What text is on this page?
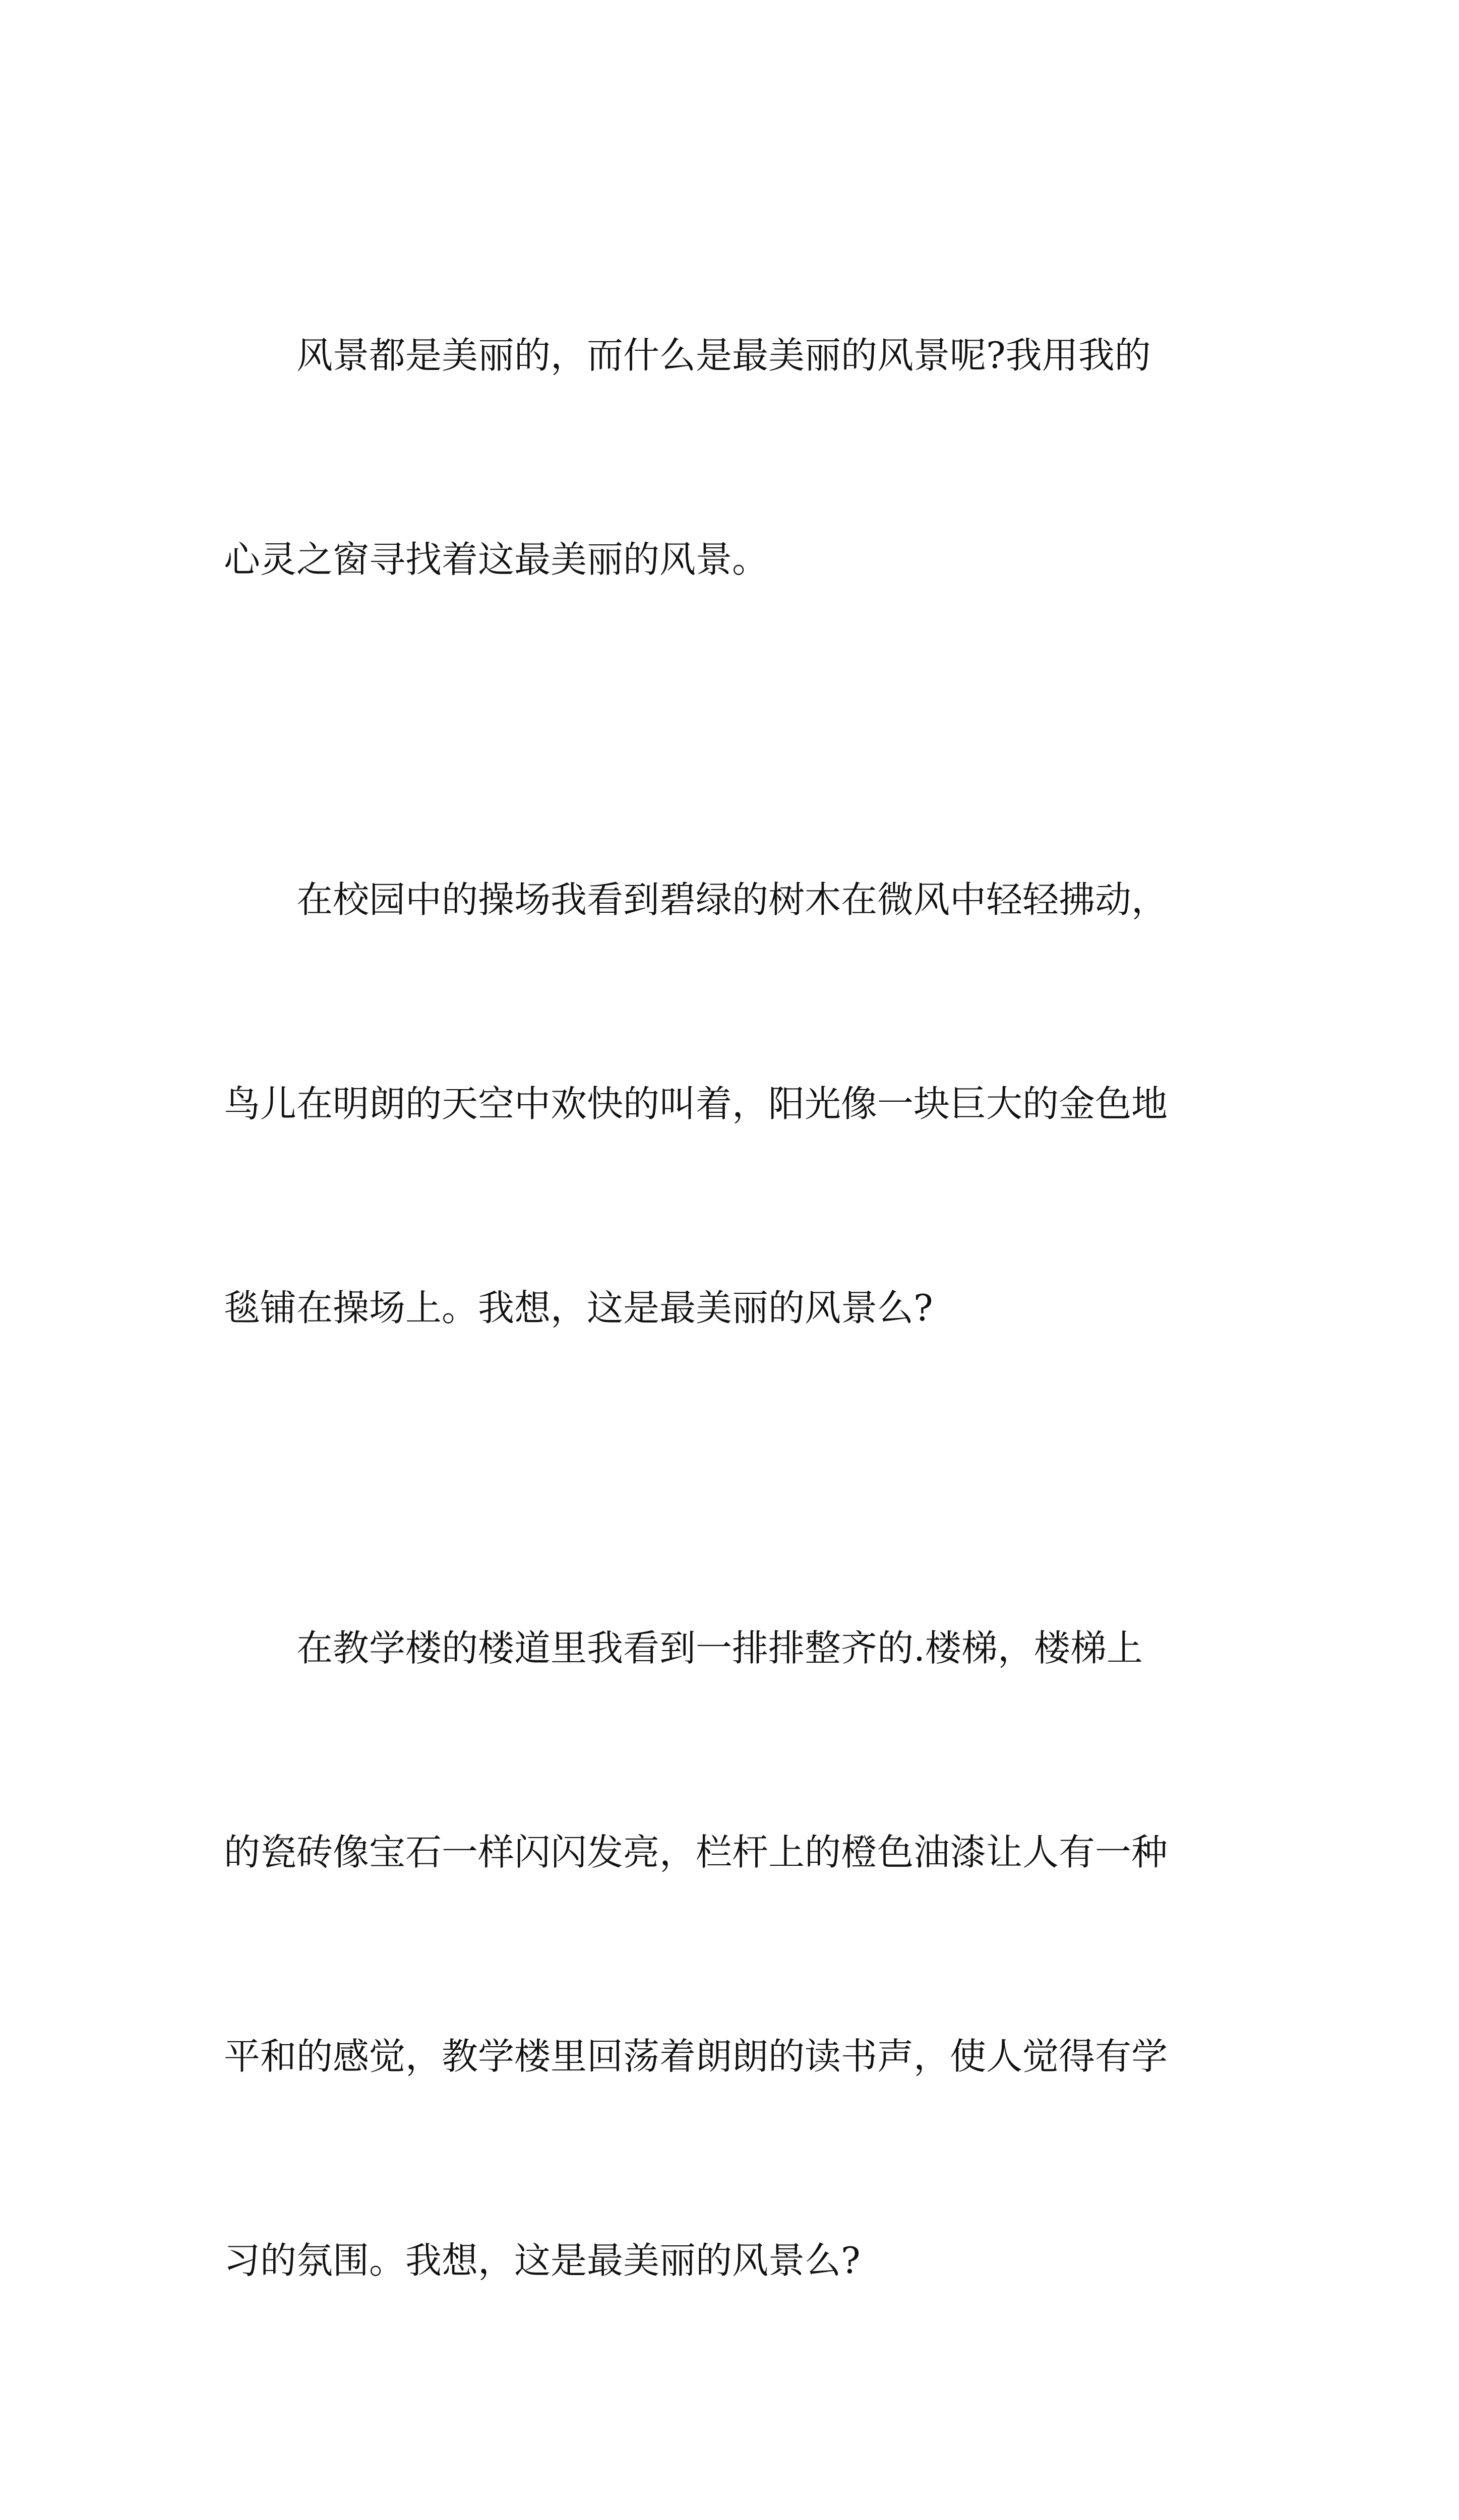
风景都是美丽的，而什么是最美丽的风景呢?我用我的

心灵之窗寻找着这最美丽的风景。

在校园中的操场我看到碧绿的树木在微风中轻轻拂动，

鸟儿在明朗的天空中欢快的叫着，阳光像一块巨大的金色地

毯铺在操场上。我想，这是最美丽的风景么?

在教学楼的楼道里我看到一排排整齐的.楼梯，楼梯上

的瓷砖像宝石一样闪闪发亮，栏杆上的橙色油漆让人有一种

平和的感觉，教学楼里回荡着朗朗的读书声，使人觉得有学

习的氛围。我想，这是最美丽的风景么?
